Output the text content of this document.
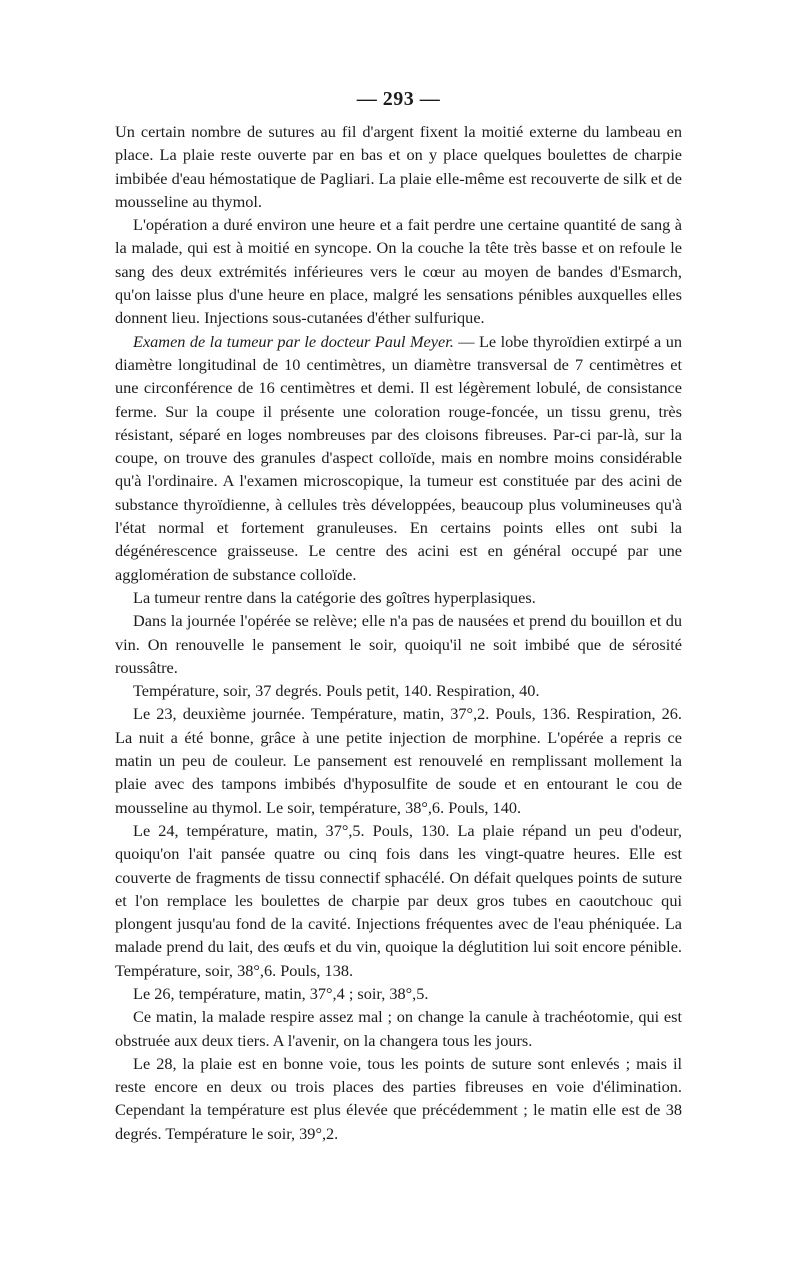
— 293 —

Un certain nombre de sutures au fil d'argent fixent la moitié externe du lambeau en place. La plaie reste ouverte par en bas et on y place quelques boulettes de charpie imbibée d'eau hémostatique de Pagliari. La plaie elle-même est recouverte de silk et de mousseline au thymol.

L'opération a duré environ une heure et a fait perdre une certaine quantité de sang à la malade, qui est à moitié en syncope. On la couche la tête très basse et on refoule le sang des deux extrémités inférieures vers le cœur au moyen de bandes d'Esmarch, qu'on laisse plus d'une heure en place, malgré les sensations pénibles auxquelles elles donnent lieu. Injections sous-cutanées d'éther sulfurique.

Examen de la tumeur par le docteur Paul Meyer. — Le lobe thyroïdien extirpé a un diamètre longitudinal de 10 centimètres, un diamètre transversal de 7 centimètres et une circonférence de 16 centimètres et demi. Il est légèrement lobulé, de consistance ferme. Sur la coupe il présente une coloration rouge-foncée, un tissu grenu, très résistant, séparé en loges nombreuses par des cloisons fibreuses. Par-ci par-là, sur la coupe, on trouve des granules d'aspect colloïde, mais en nombre moins considérable qu'à l'ordinaire. A l'examen microscopique, la tumeur est constituée par des acini de substance thyroïdienne, à cellules très développées, beaucoup plus volumineuses qu'à l'état normal et fortement granuleuses. En certains points elles ont subi la dégénérescence graisseuse. Le centre des acini est en général occupé par une agglomération de substance colloïde.

La tumeur rentre dans la catégorie des goîtres hyperplasiques.

Dans la journée l'opérée se relève; elle n'a pas de nausées et prend du bouillon et du vin. On renouvelle le pansement le soir, quoiqu'il ne soit imbibé que de sérosité roussâtre.

Température, soir, 37 degrés. Pouls petit, 140. Respiration, 40.

Le 23, deuxième journée. Température, matin, 37°,2. Pouls, 136. Respiration, 26. La nuit a été bonne, grâce à une petite injection de morphine. L'opérée a repris ce matin un peu de couleur. Le pansement est renouvelé en remplissant mollement la plaie avec des tampons imbibés d'hyposulfite de soude et en entourant le cou de mousseline au thymol. Le soir, température, 38°,6. Pouls, 140.

Le 24, température, matin, 37°,5. Pouls, 130. La plaie répand un peu d'odeur, quoiqu'on l'ait pansée quatre ou cinq fois dans les vingt-quatre heures. Elle est couverte de fragments de tissu connectif sphacélé. On défait quelques points de suture et l'on remplace les boulettes de charpie par deux gros tubes en caoutchouc qui plongent jusqu'au fond de la cavité. Injections fréquentes avec de l'eau phéniquée. La malade prend du lait, des œufs et du vin, quoique la déglutition lui soit encore pénible. Température, soir, 38°,6. Pouls, 138.

Le 26, température, matin, 37°,4 ; soir, 38°,5.

Ce matin, la malade respire assez mal ; on change la canule à trachéotomie, qui est obstruée aux deux tiers. A l'avenir, on la changera tous les jours.

Le 28, la plaie est en bonne voie, tous les points de suture sont enlevés ; mais il reste encore en deux ou trois places des parties fibreuses en voie d'élimination. Cependant la température est plus élevée que précédemment ; le matin elle est de 38 degrés. Température le soir, 39°,2.
